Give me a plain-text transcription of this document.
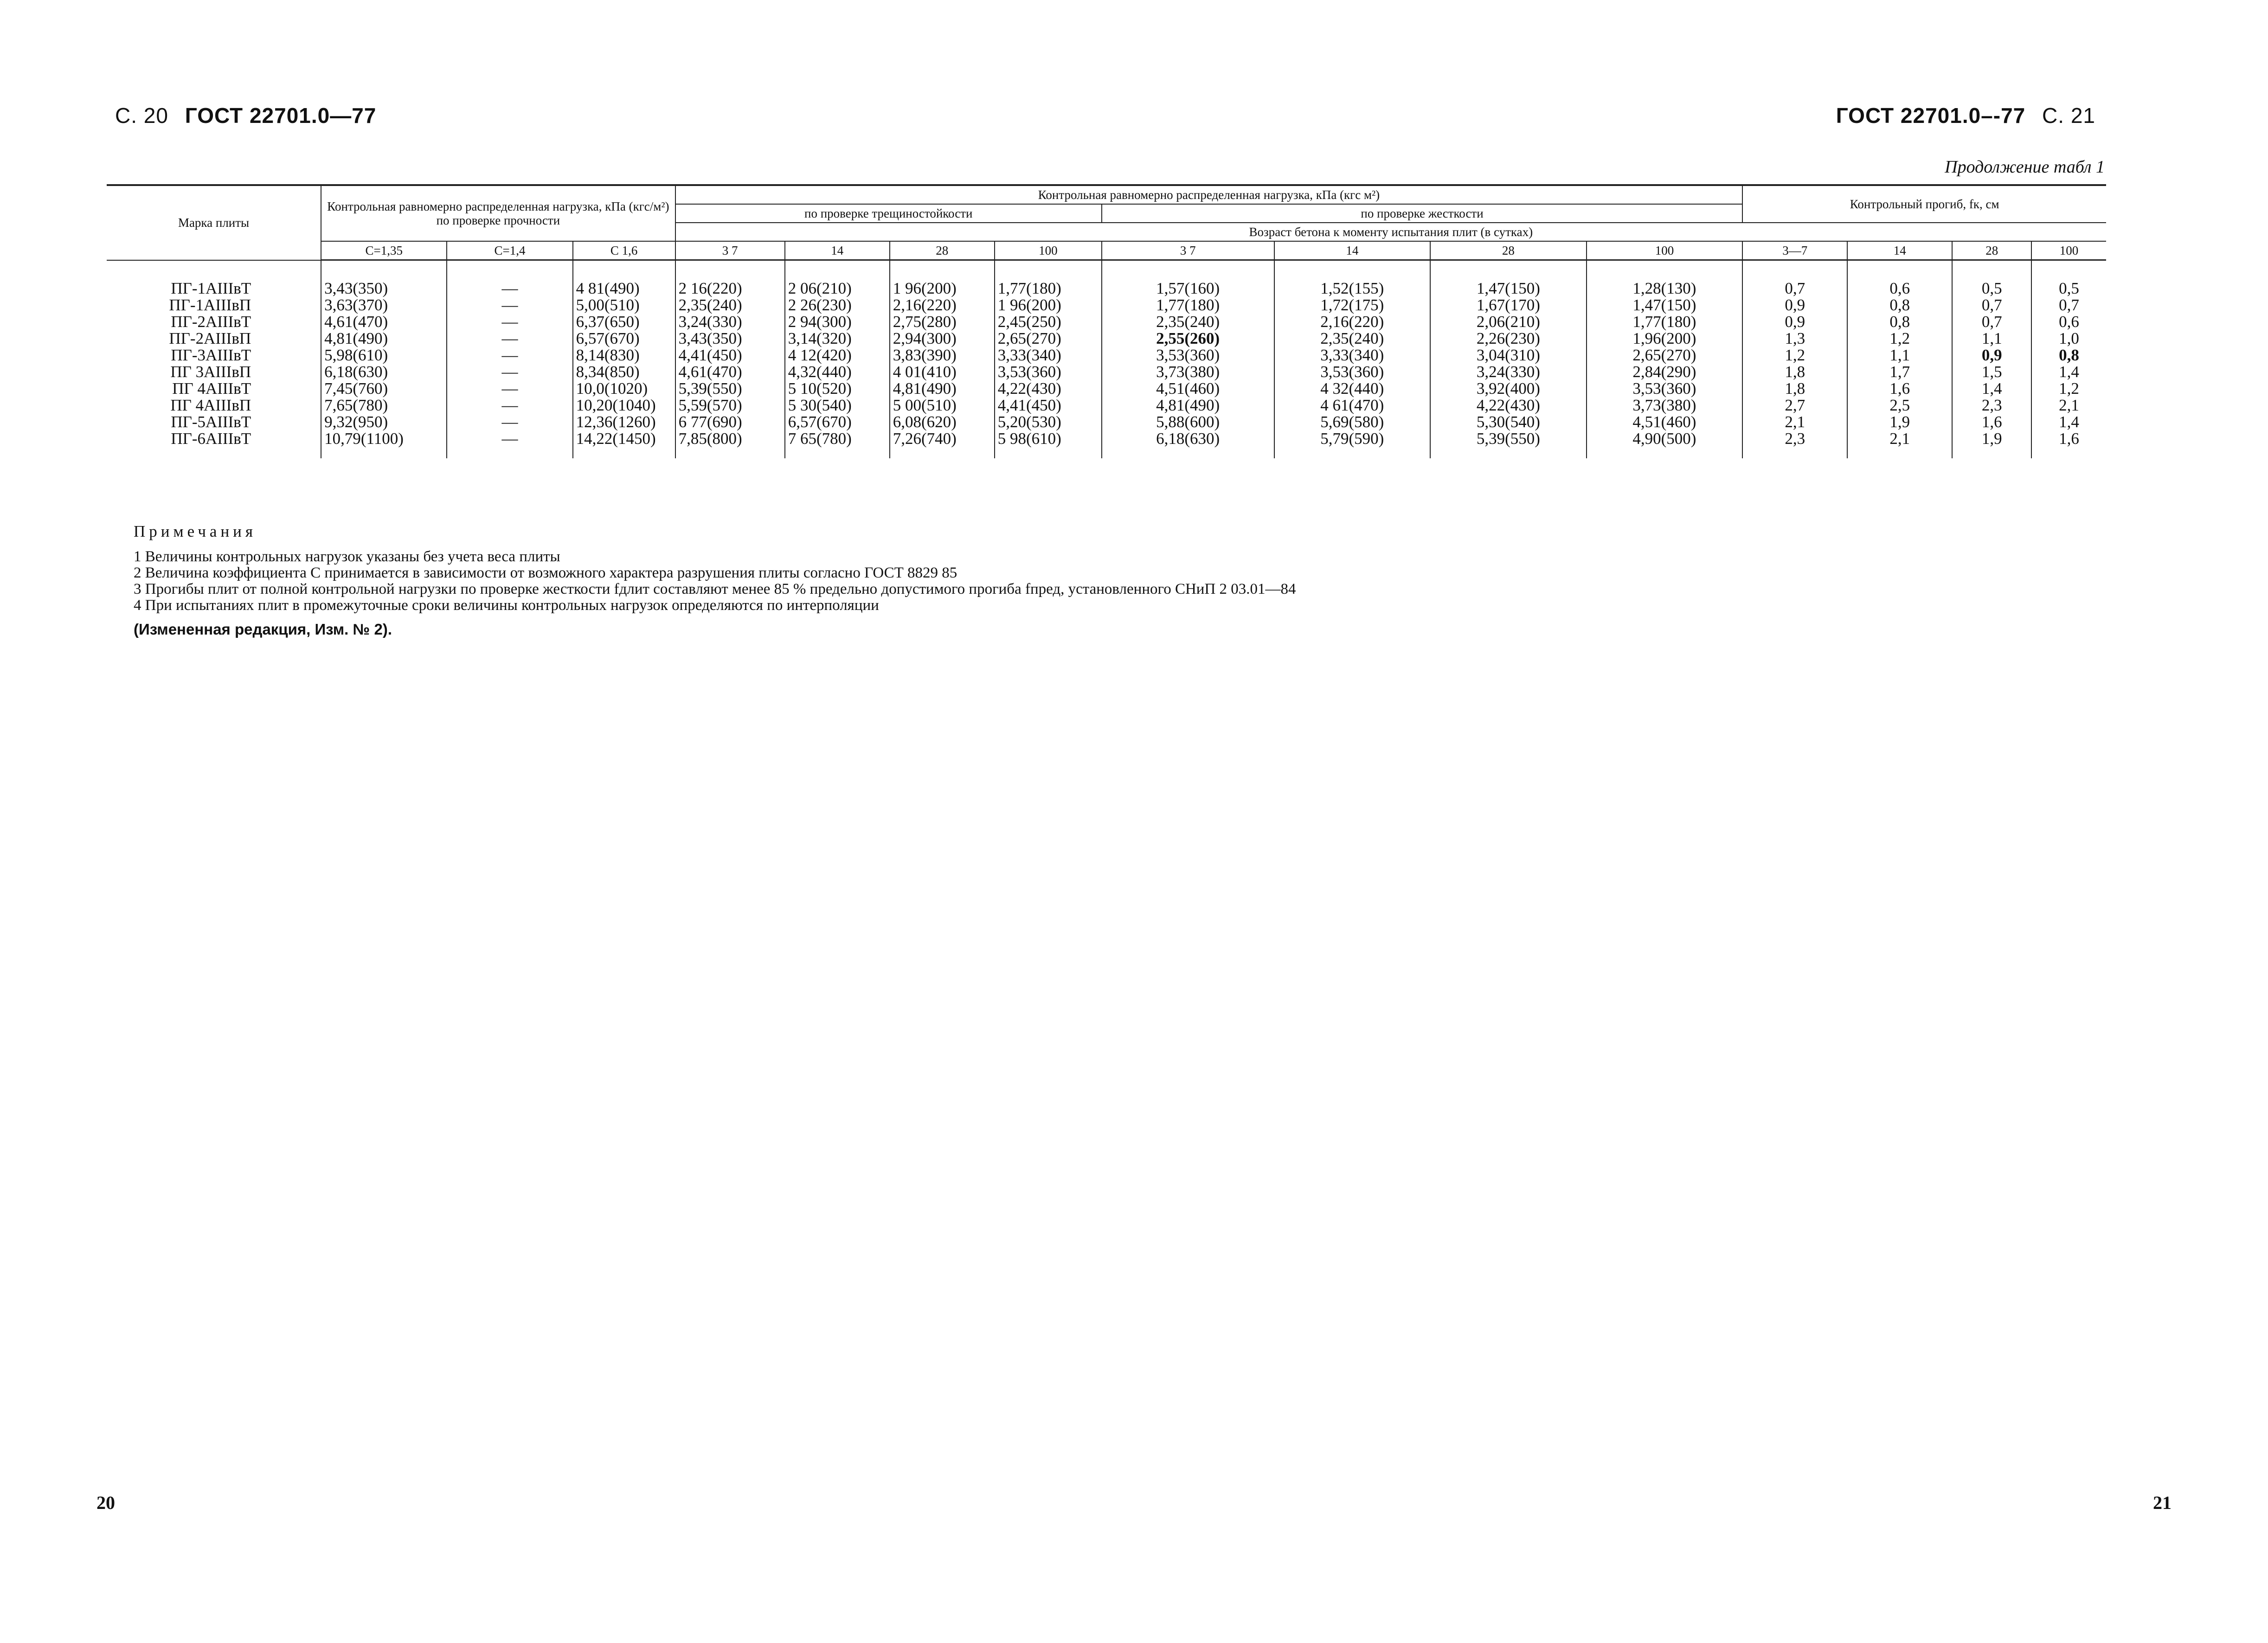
С. 20 ГОСТ 22701.0—77	ГОСТ 22701.0–-77 С. 21
Продолжение табл 1
Марка плиты	Контрольная равномерно распределенная нагрузка, кПа (кгс/м²) по проверке прочности			Контрольная равномерно распределенная нагрузка, кПа (кгс м²)								Контрольный прогиб, fк, см			
				по проверке трещиностойкости				по проверке жесткости							
				Возраст бетона к моменту испытания плит (в сутках)											
	С=1,35	С=1,4	С 1,6	3 7	14	28	100	3 7	14	28	100	3—7	14	28	100
ПГ-1АIIIвТ	3,43(350)	—	4 81(490)	2 16(220)	2 06(210)	1 96(200)	1,77(180)	1,57(160)	1,52(155)	1,47(150)	1,28(130)	0,7	0,6	0,5	0,5
ПГ-1АIIIвП	3,63(370)	—	5,00(510)	2,35(240)	2 26(230)	2,16(220)	1 96(200)	1,77(180)	1,72(175)	1,67(170)	1,47(150)	0,9	0,8	0,7	0,7
ПГ-2АIIIвТ	4,61(470)	—	6,37(650)	3,24(330)	2 94(300)	2,75(280)	2,45(250)	2,35(240)	2,16(220)	2,06(210)	1,77(180)	0,9	0,8	0,7	0,6
ПГ-2АIIIвП	4,81(490)	—	6,57(670)	3,43(350)	3,14(320)	2,94(300)	2,65(270)	2,55(260)	2,35(240)	2,26(230)	1,96(200)	1,3	1,2	1,1	1,0
ПГ-3АIIIвТ	5,98(610)	—	8,14(830)	4,41(450)	4 12(420)	3,83(390)	3,33(340)	3,53(360)	3,33(340)	3,04(310)	2,65(270)	1,2	1,1	0,9	0,8
ПГ 3АIIIвП	6,18(630)	—	8,34(850)	4,61(470)	4,32(440)	4 01(410)	3,53(360)	3,73(380)	3,53(360)	3,24(330)	2,84(290)	1,8	1,7	1,5	1,4
ПГ 4АIIIвТ	7,45(760)	—	10,0(1020)	5,39(550)	5 10(520)	4,81(490)	4,22(430)	4,51(460)	4 32(440)	3,92(400)	3,53(360)	1,8	1,6	1,4	1,2
ПГ 4АIIIвП	7,65(780)	—	10,20(1040)	5,59(570)	5 30(540)	5 00(510)	4,41(450)	4,81(490)	4 61(470)	4,22(430)	3,73(380)	2,7	2,5	2,3	2,1
ПГ-5АIIIвТ	9,32(950)	—	12,36(1260)	6 77(690)	6,57(670)	6,08(620)	5,20(530)	5,88(600)	5,69(580)	5,30(540)	4,51(460)	2,1	1,9	1,6	1,4
ПГ-6АIIIвТ	10,79(1100)	—	14,22(1450)	7,85(800)	7 65(780)	7,26(740)	5 98(610)	6,18(630)	5,79(590)	5,39(550)	4,90(500)	2,3	2,1	1,9	1,6
Примечания
1 Величины контрольных нагрузок указаны без учета веса плиты
2 Величина коэффициента С принимается в зависимости от возможного характера разрушения плиты согласно ГОСТ 8829 85
3 Прогибы плит от полной контрольной нагрузки по проверке жесткости fдлит составляют менее 85 % предельно допустимого прогиба fпред, установленного СНиП 2 03.01—84
4 При испытаниях плит в промежуточные сроки величины контрольных нагрузок определяются по интерполяции
(Измененная редакция, Изм. № 2).
20	21
